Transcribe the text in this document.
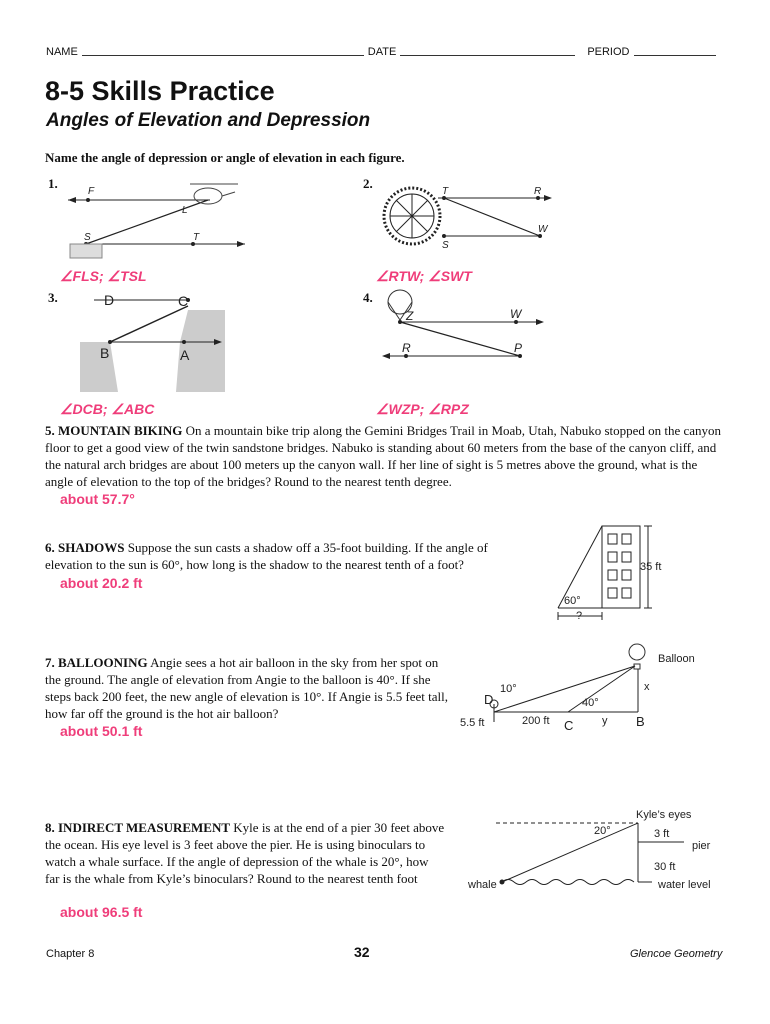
NAME	DATE	PERIOD
8-5 Skills Practice
Angles of Elevation and Depression
Name the angle of depression or angle of elevation in each figure.
1.
F
L
S	T
∠FLS; ∠TSL
2.
T	R
W
S
∠RTW; ∠SWT
3.	D	C
B	A
∠DCB; ∠ABC
4.
Z	W
R	P
∠WZP; ∠RPZ
5. MOUNTAIN BIKING On a mountain bike trip along the Gemini Bridges Trail in Moab, Utah, Nabuko stopped on the canyon floor to get a good view of the twin sandstone bridges. Nabuko is standing about 60 meters from the base of the canyon cliff, and the natural arch bridges are about 100 meters up the canyon wall. If her line of sight is 5 metres above the ground, what is the angle of elevation to the top of the bridges? Round to the nearest tenth degree.
about 57.7°
6. SHADOWS Suppose the sun casts a shadow off a 35-foot building. If the angle of elevation to the sun is 60°, how long is the shadow to the nearest tenth of a foot?
about 20.2 ft
35 ft
60°
?
7. BALLOONING Angie sees a hot air balloon in the sky from her spot on the ground. The angle of elevation from Angie to the balloon is 40°. If she steps back 200 feet, the new angle of elevation is 10°. If Angie is 5.5 feet tall, how far off the ground is the hot air balloon?
about 50.1 ft
Balloon
x
10°
40°
D
C	B
y
200 ft
5.5 ft
8. INDIRECT MEASUREMENT Kyle is at the end of a pier 30 feet above the ocean. His eye level is 3 feet above the pier. He is using binoculars to watch a whale surface. If the angle of depression of the whale is 20°, how far is the whale from Kyle’s binoculars? Round to the nearest tenth foot
about 96.5 ft
Kyle’s eyes
20°	3 ft
pier
30 ft
whale	water level
Chapter 8	32	Glencoe Geometry
